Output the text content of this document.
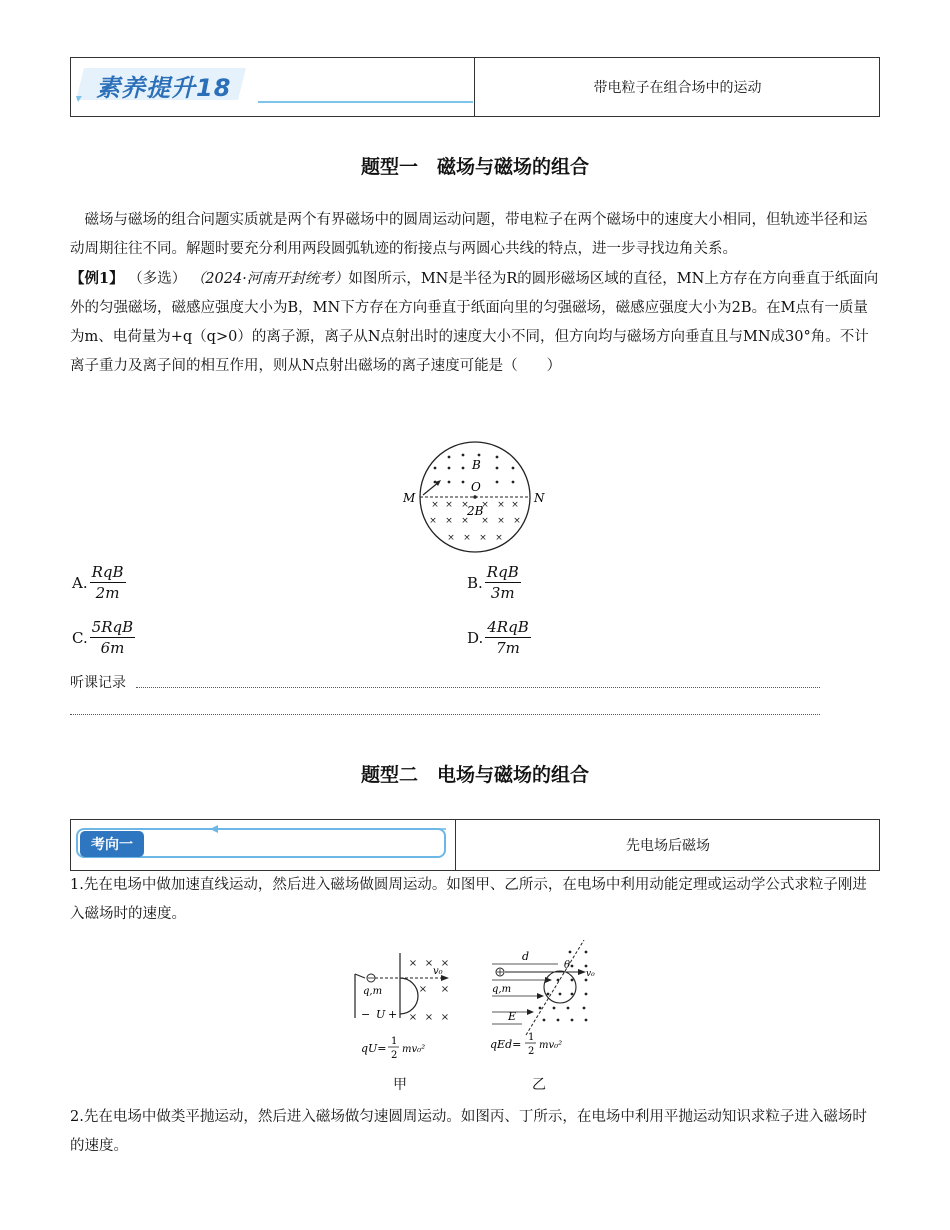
素养提升18	带电粒子在组合场中的运动
题型一　磁场与磁场的组合

　磁场与磁场的组合问题实质就是两个有界磁场中的圆周运动问题，带电粒子在两个磁场中的速度大小相同，但轨迹半径和运动周期往往不同。解题时要充分利用两段圆弧轨迹的衔接点与两圆心共线的特点，进一步寻找边角关系。

【例1】 （多选） （2024·河南开封统考）如图所示，MN是半径为R的圆形磁场区域的直径，MN上方存在方向垂直于纸面向外的匀强磁场，磁感应强度大小为B，MN下方存在方向垂直于纸面向里的匀强磁场，磁感应强度大小为2B。在M点有一质量为m、电荷量为+q（q>0）的离子源，离子从N点射出时的速度大小不同，但方向均与磁场方向垂直且与MN成30°角。不计离子重力及离子间的相互作用，则从N点射出磁场的离子速度可能是（　　）

× × × × × ×
× × × × × ×
× × × ×
M	N
O
B
2B
A. $\frac{\text{RqB}}{2m}$	B. $\frac{\text{RqB}}{3m}$
C. $\frac{\text{5RqB}}{6m}$	D. $\frac{\text{4RqB}}{7m}$
听课记录
题型二　电场与磁场的组合
考向一	先电场后磁场
1.先在电场中做加速直线运动，然后进入磁场做圆周运动。如图甲、乙所示，在电场中利用动能定理或运动学公式求粒子刚进入磁场时的速度。
× × ×
× ×
× × ×
v₀
q,m
− U +
qU=
1
2
mv₀²
甲
d
θ
v₀
q,m
E
qEd=
1
2
mv₀²
乙
2.先在电场中做类平抛运动，然后进入磁场做匀速圆周运动。如图丙、丁所示，在电场中利用平抛运动知识求粒子进入磁场时的速度。
